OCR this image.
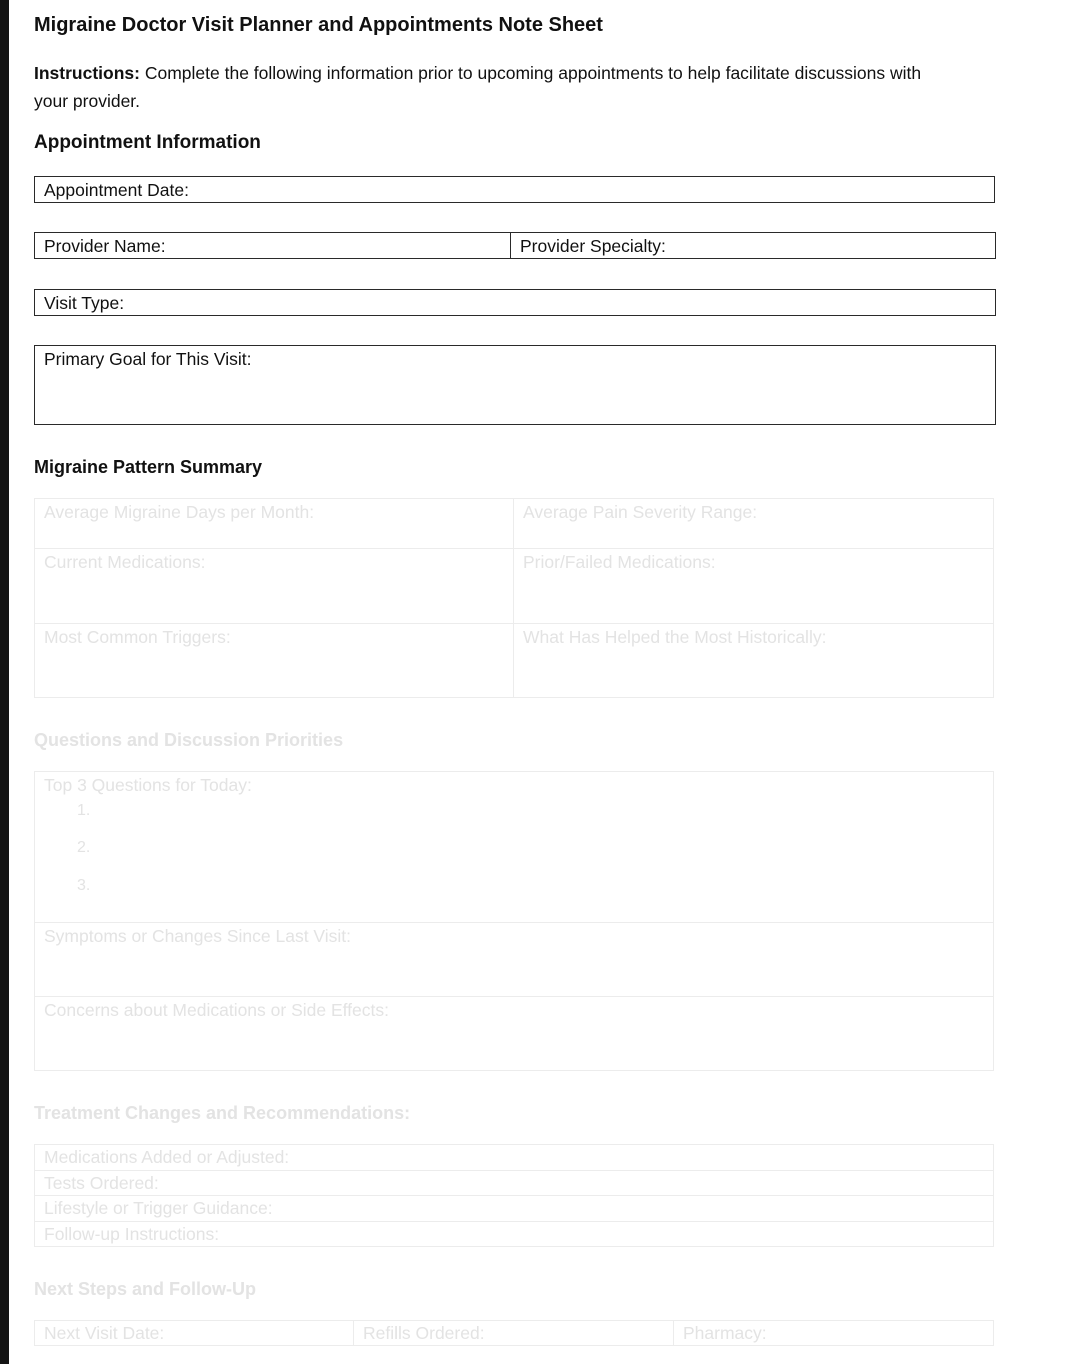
Migraine Doctor Visit Planner and Appointments Note Sheet
Instructions: Complete the following information prior to upcoming appointments to help facilitate discussions with your provider.
Appointment Information
Appointment Date:
Provider Name:	Provider Specialty:
Visit Type:
Primary Goal for This Visit:
Migraine Pattern Summary
Average Migraine Days per Month:	Average Pain Severity Range:
Current Medications:	Prior/Failed Medications:
Most Common Triggers:	What Has Helped the Most Historically:
Questions and Discussion Priorities
Top 3 Questions for Today:
1.
2.
3.
Symptoms or Changes Since Last Visit:
Concerns about Medications or Side Effects:
Treatment Changes and Recommendations:
Medications Added or Adjusted:
Tests Ordered:
Lifestyle or Trigger Guidance:
Follow-up Instructions:
Next Steps and Follow-Up
Next Visit Date:	Refills Ordered:	Pharmacy:
